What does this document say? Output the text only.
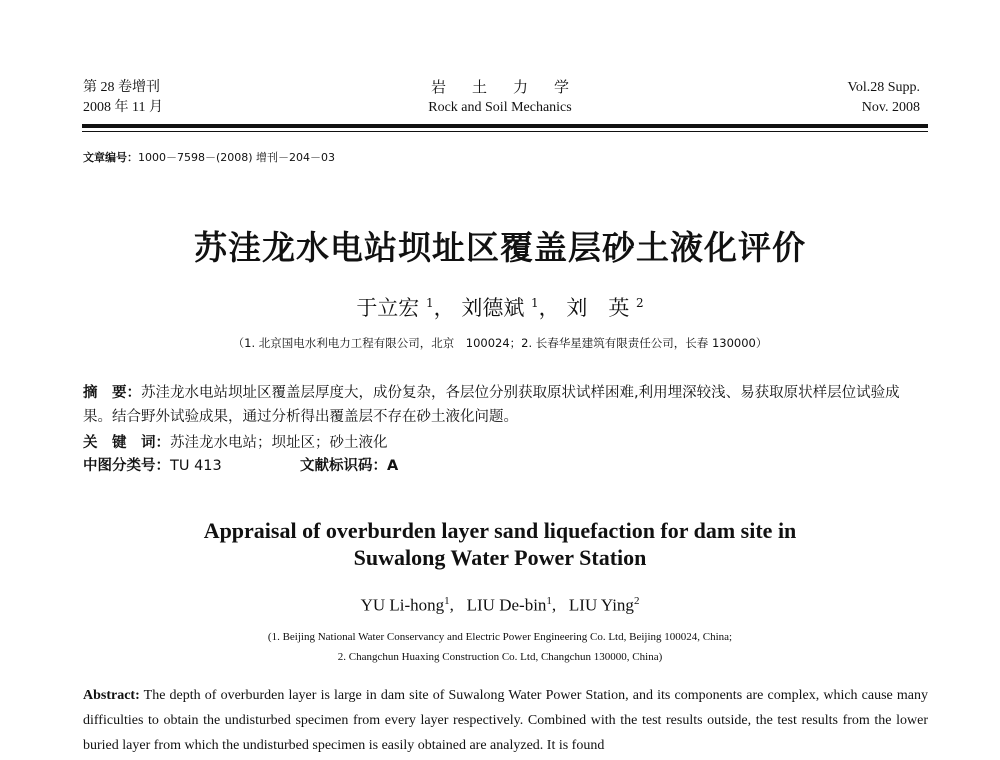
第 28 卷增刊
2008 年 11 月
岩土力学
Rock and Soil Mechanics
Vol.28 Supp.
Nov. 2008
文章编号：1000－7598－(2008) 增刊－204－03
苏洼龙水电站坝址区覆盖层砂土液化评价
于立宏 $^1$， 刘德斌 $^1$， 刘　英 $^2$
（1. 北京国电水利电力工程有限公司，北京　100024；2. 长春华星建筑有限责任公司，长春 130000）
摘　要：苏洼龙水电站坝址区覆盖层厚度大，成份复杂，各层位分别获取原状试样困难,利用埋深较浅、易获取原状样层位试验成果。结合野外试验成果，通过分析得出覆盖层不存在砂土液化问题。
关　键　词：苏洼龙水电站；坝址区；砂土液化
中图分类号：TU 413	文献标识码：A
Appraisal of overburden layer sand liquefaction for dam site in
Suwalong Water Power Station
YU Li-hong$^1$,   LIU De-bin$^1$,   LIU Ying$^2$
(1. Beijing National Water Conservancy and Electric Power Engineering Co. Ltd, Beijing 100024, China;
2. Changchun Huaxing Construction Co. Ltd, Changchun 130000, China)
Abstract: The depth of overburden layer is large in dam site of Suwalong Water Power Station, and its components are complex, which cause many difficulties to obtain the undisturbed specimen from every layer respectively. Combined with the test results outside, the test results from the lower buried layer from which the undisturbed specimen is easily obtained are analyzed. It is found
